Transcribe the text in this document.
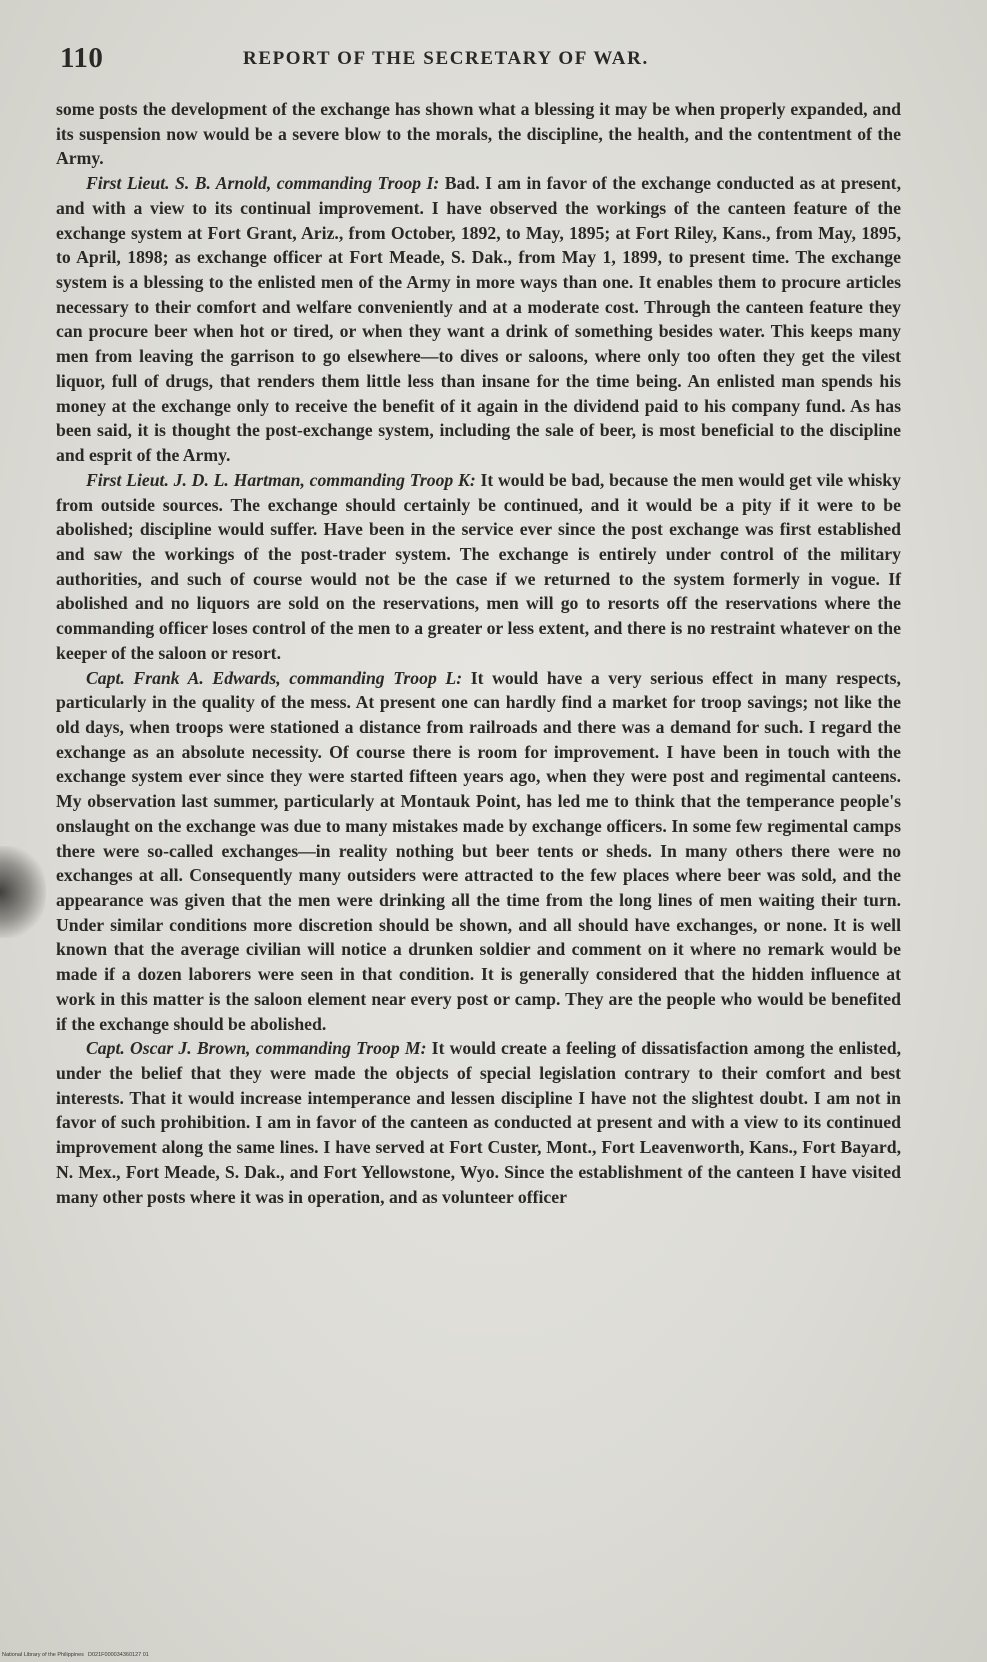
110	REPORT OF THE SECRETARY OF WAR.

some posts the development of the exchange has shown what a blessing it may be when properly expanded, and its suspension now would be a severe blow to the morals, the discipline, the health, and the contentment of the Army.

First Lieut. S. B. Arnold, commanding Troop I: Bad. I am in favor of the exchange conducted as at present, and with a view to its continual improvement. I have observed the workings of the canteen feature of the exchange system at Fort Grant, Ariz., from October, 1892, to May, 1895; at Fort Riley, Kans., from May, 1895, to April, 1898; as exchange officer at Fort Meade, S. Dak., from May 1, 1899, to present time. The exchange system is a blessing to the enlisted men of the Army in more ways than one. It enables them to procure articles necessary to their comfort and welfare conveniently and at a moderate cost. Through the canteen feature they can procure beer when hot or tired, or when they want a drink of something besides water. This keeps many men from leaving the garrison to go elsewhere—to dives or saloons, where only too often they get the vilest liquor, full of drugs, that renders them little less than insane for the time being. An enlisted man spends his money at the exchange only to receive the benefit of it again in the dividend paid to his company fund. As has been said, it is thought the post-exchange system, including the sale of beer, is most beneficial to the discipline and esprit of the Army.

First Lieut. J. D. L. Hartman, commanding Troop K: It would be bad, because the men would get vile whisky from outside sources. The exchange should certainly be continued, and it would be a pity if it were to be abolished; discipline would suffer. Have been in the service ever since the post exchange was first established and saw the workings of the post-trader system. The exchange is entirely under control of the military authorities, and such of course would not be the case if we returned to the system formerly in vogue. If abolished and no liquors are sold on the reservations, men will go to resorts off the reservations where the commanding officer loses control of the men to a greater or less extent, and there is no restraint whatever on the keeper of the saloon or resort.

Capt. Frank A. Edwards, commanding Troop L: It would have a very serious effect in many respects, particularly in the quality of the mess. At present one can hardly find a market for troop savings; not like the old days, when troops were stationed a distance from railroads and there was a demand for such. I regard the exchange as an absolute necessity. Of course there is room for improvement. I have been in touch with the exchange system ever since they were started fifteen years ago, when they were post and regimental canteens. My observation last summer, particularly at Montauk Point, has led me to think that the temperance people's onslaught on the exchange was due to many mistakes made by exchange officers. In some few regimental camps there were so-called exchanges—in reality nothing but beer tents or sheds. In many others there were no exchanges at all. Consequently many outsiders were attracted to the few places where beer was sold, and the appearance was given that the men were drinking all the time from the long lines of men waiting their turn. Under similar conditions more discretion should be shown, and all should have exchanges, or none. It is well known that the average civilian will notice a drunken soldier and comment on it where no remark would be made if a dozen laborers were seen in that condition. It is generally considered that the hidden influence at work in this matter is the saloon element near every post or camp. They are the people who would be benefited if the exchange should be abolished.

Capt. Oscar J. Brown, commanding Troop M: It would create a feeling of dissatisfaction among the enlisted, under the belief that they were made the objects of special legislation contrary to their comfort and best interests. That it would increase intemperance and lessen discipline I have not the slightest doubt. I am not in favor of such prohibition. I am in favor of the canteen as conducted at present and with a view to its continued improvement along the same lines. I have served at Fort Custer, Mont., Fort Leavenworth, Kans., Fort Bayard, N. Mex., Fort Meade, S. Dak., and Fort Yellowstone, Wyo. Since the establishment of the canteen I have visited many other posts where it was in operation, and as volunteer officer

National Library of the Philippines D021F000034360127 01
